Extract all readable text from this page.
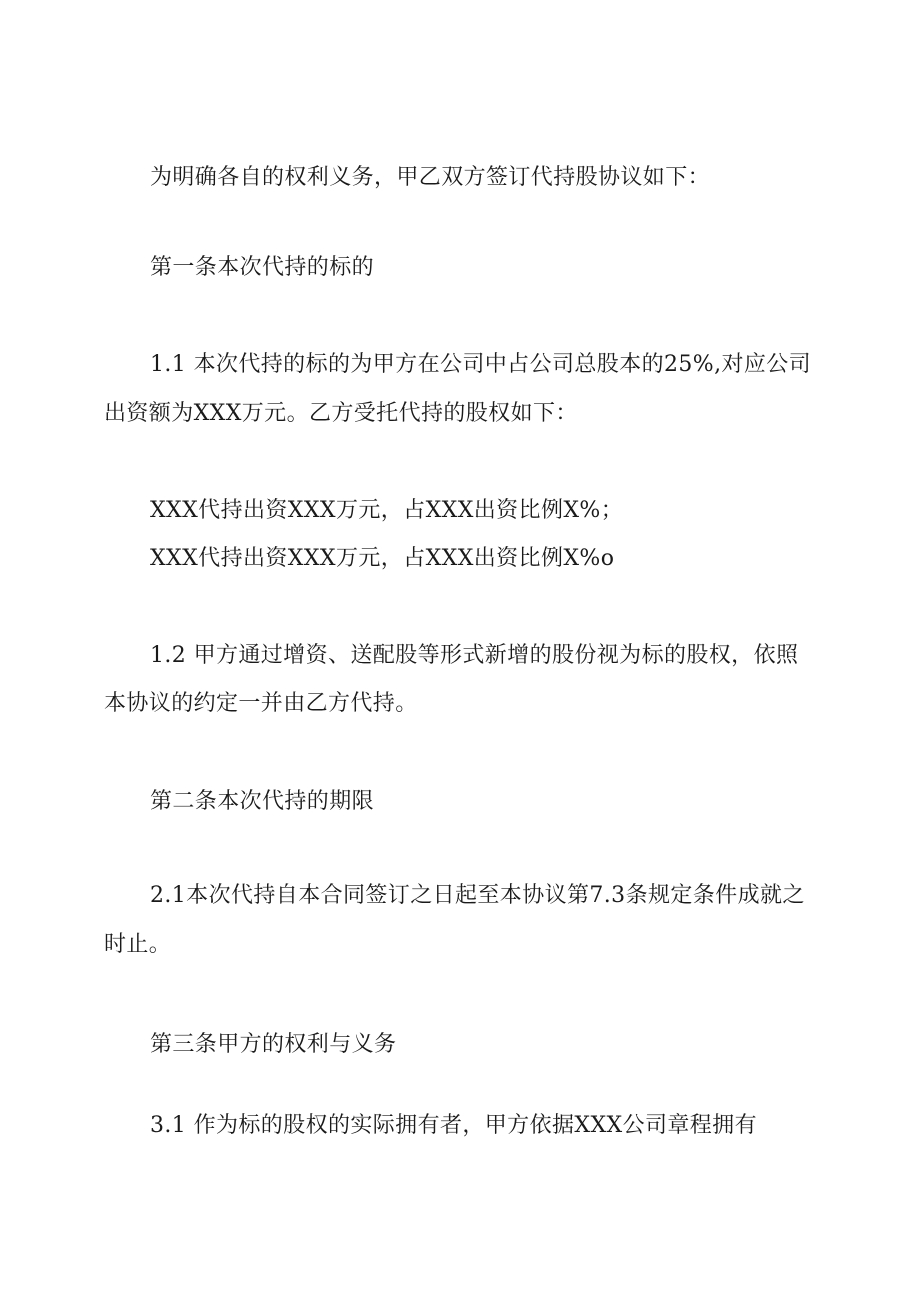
为明确各自的权利义务，甲乙双方签订代持股协议如下：
第一条本次代持的标的
1.1 本次代持的标的为甲方在公司中占公司总股本的25%,对应公司
出资额为XXX万元。乙方受托代持的股权如下：
XXX代持出资XXX万元，占XXX出资比例X%；
XXX代持出资XXX万元，占XXX出资比例X%o
1.2 甲方通过增资、送配股等形式新增的股份视为标的股权，依照
本协议的约定一并由乙方代持。
第二条本次代持的期限
2.1本次代持自本合同签订之日起至本协议第7.3条规定条件成就之
时止。
第三条甲方的权利与义务
3.1 作为标的股权的实际拥有者，甲方依据XXX公司章程拥有
